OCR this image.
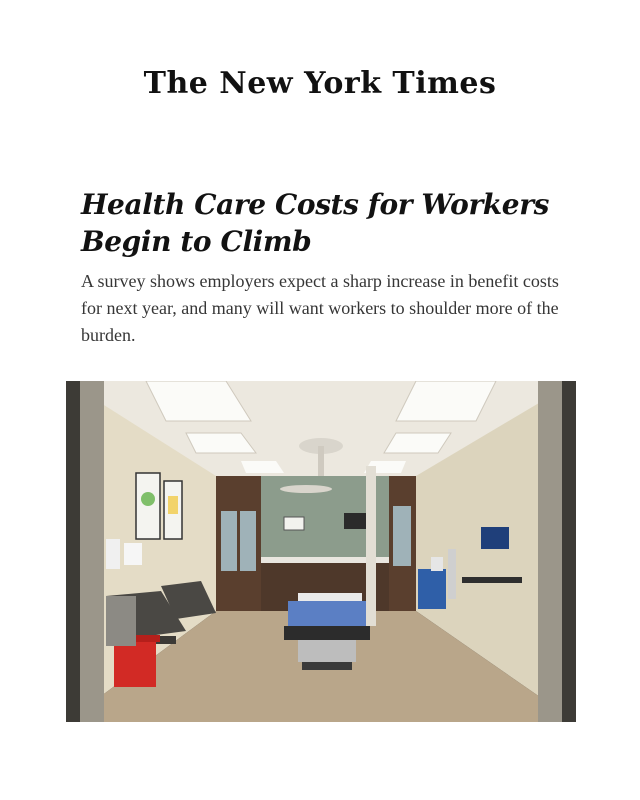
The New York Times
Health Care Costs for Workers Begin to Climb

A survey shows employers expect a sharp increase in benefit costs for next year, and many will want workers to shoulder more of the burden.
